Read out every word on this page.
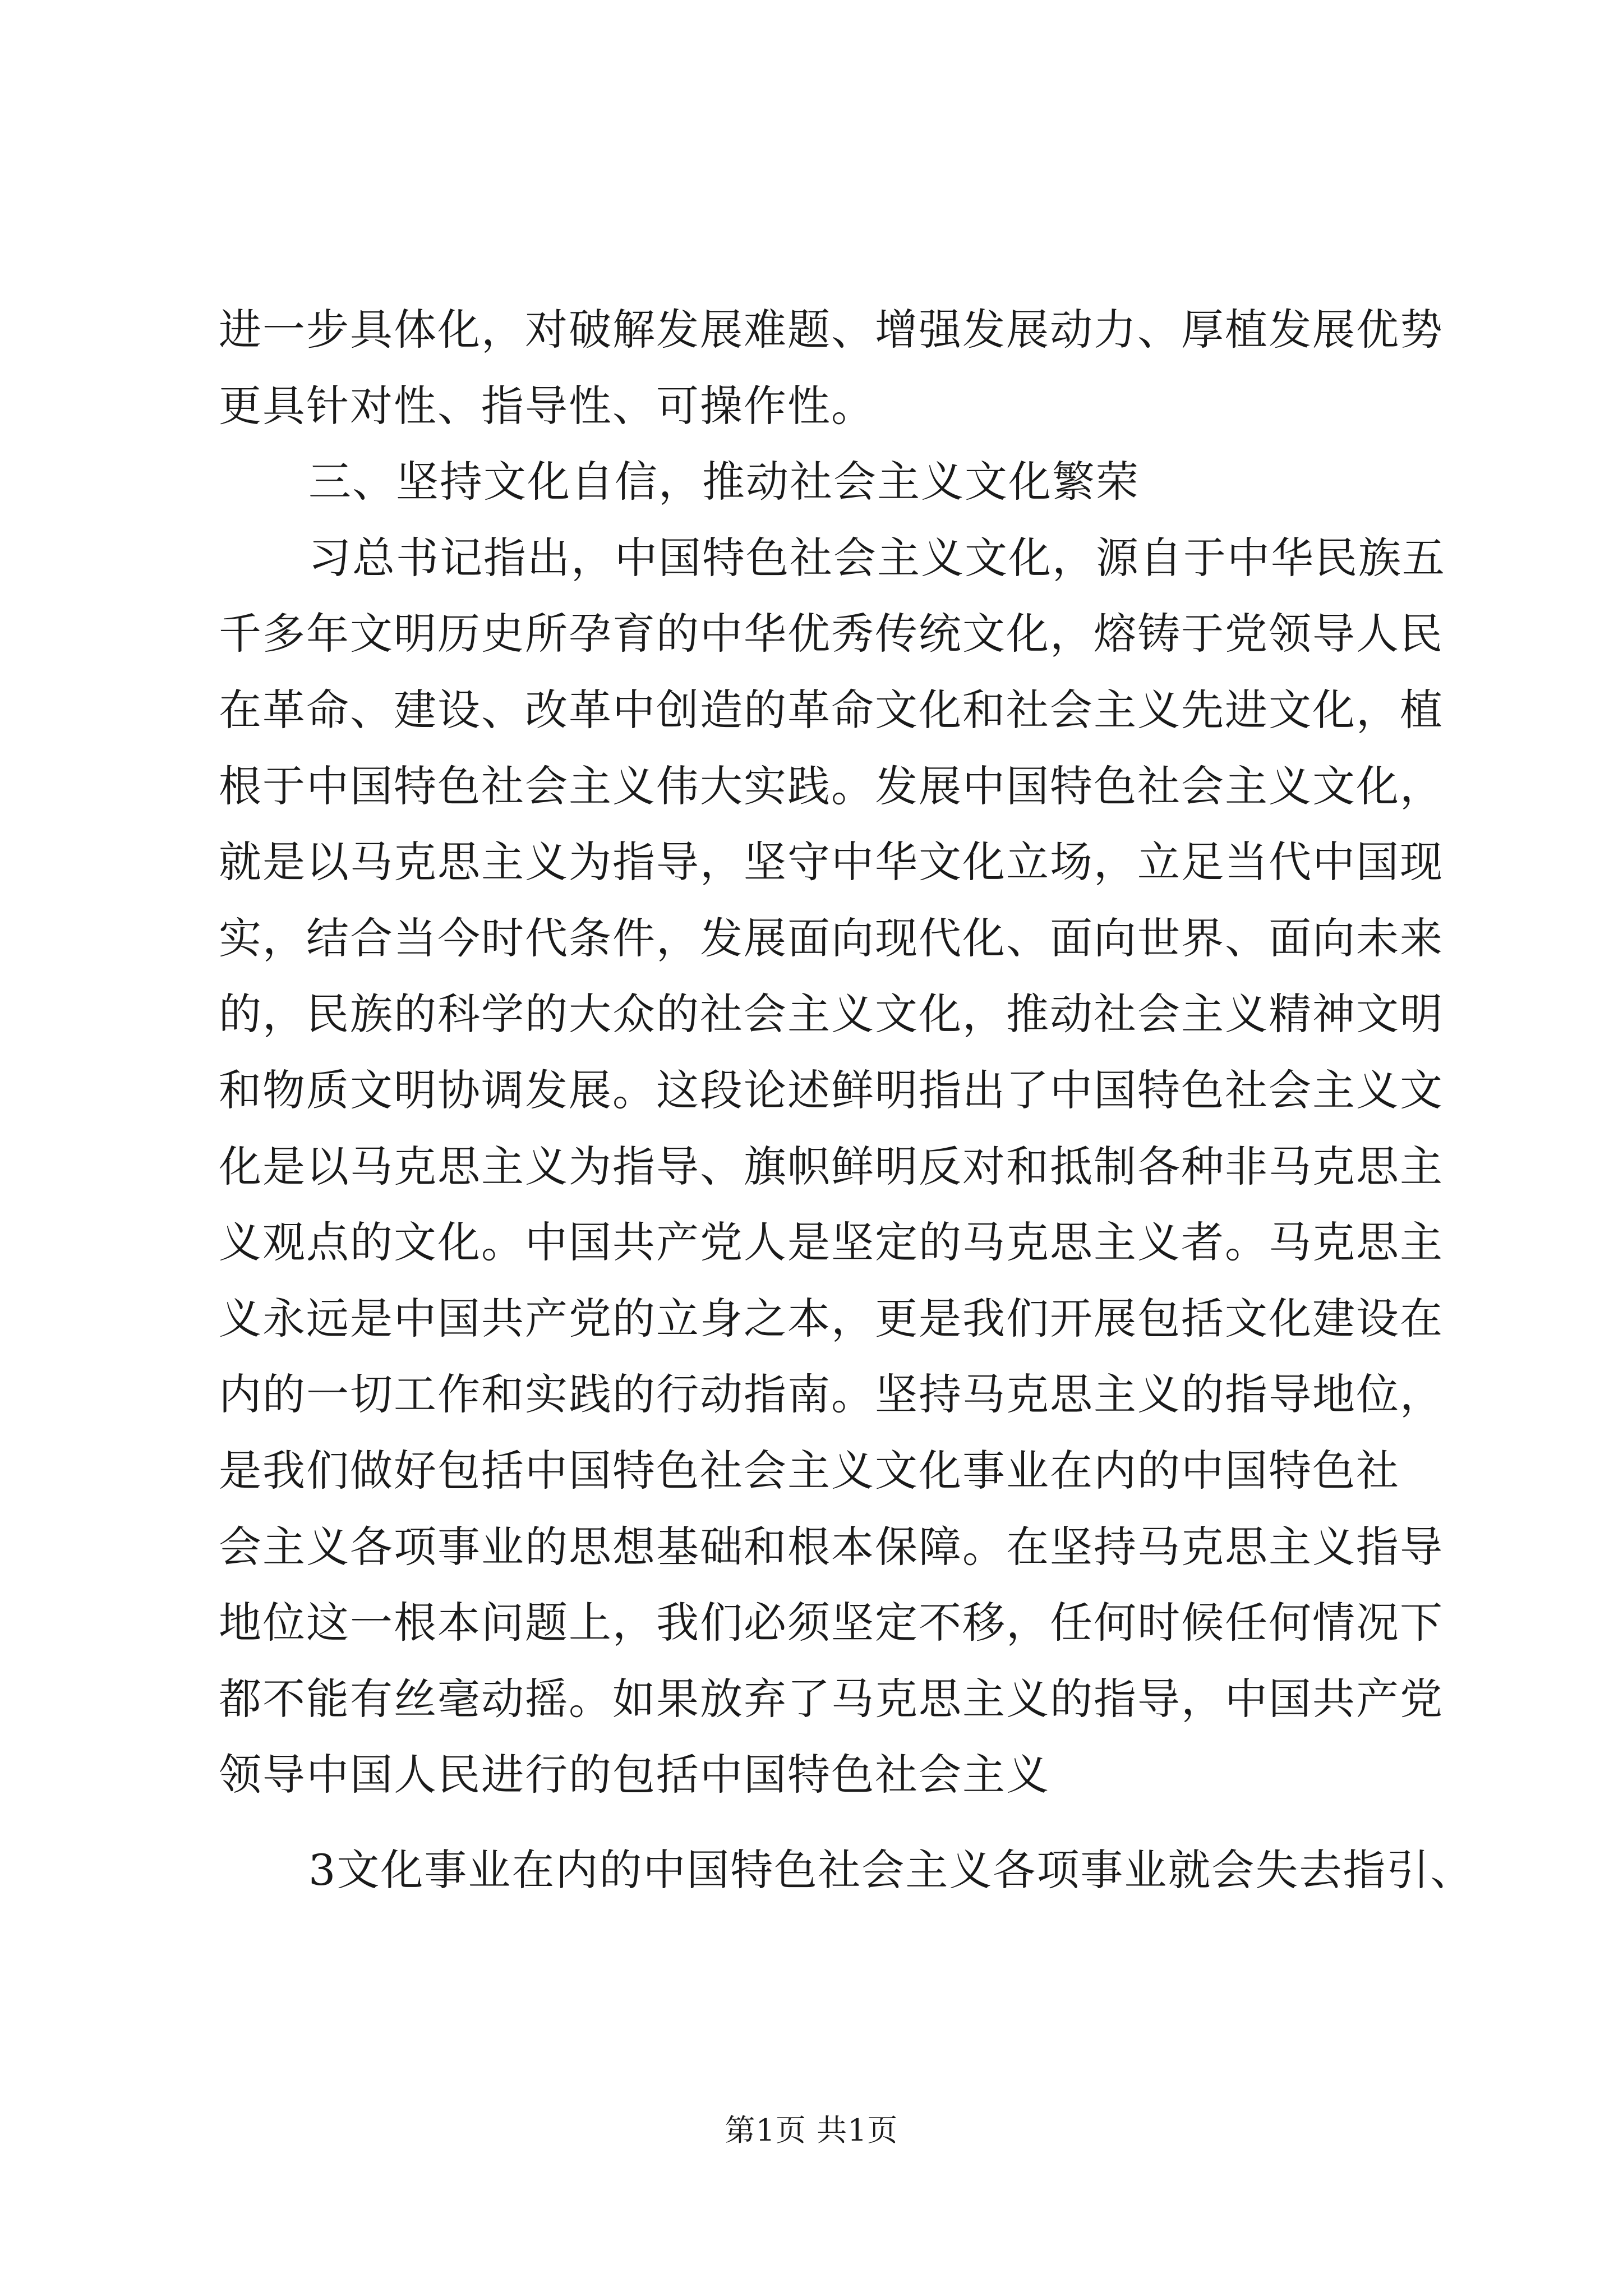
进一步具体化，对破解发展难题、增强发展动力、厚植发展优势
更具针对性、指导性、可操作性。
三、坚持文化自信，推动社会主义文化繁荣
习总书记指出，中国特色社会主义文化，源自于中华民族五
千多年文明历史所孕育的中华优秀传统文化，熔铸于党领导人民
在革命、建设、改革中创造的革命文化和社会主义先进文化，植
根于中国特色社会主义伟大实践。发展中国特色社会主义文化，
就是以马克思主义为指导，坚守中华文化立场，立足当代中国现
实，结合当今时代条件，发展面向现代化、面向世界、面向未来
的，民族的科学的大众的社会主义文化，推动社会主义精神文明
和物质文明协调发展。这段论述鲜明指出了中国特色社会主义文
化是以马克思主义为指导、旗帜鲜明反对和抵制各种非马克思主
义观点的文化。中国共产党人是坚定的马克思主义者。马克思主
义永远是中国共产党的立身之本，更是我们开展包括文化建设在
内的一切工作和实践的行动指南。坚持马克思主义的指导地位，
是我们做好包括中国特色社会主义文化事业在内的中国特色社
会主义各项事业的思想基础和根本保障。在坚持马克思主义指导
地位这一根本问题上，我们必须坚定不移，任何时候任何情况下
都不能有丝毫动摇。如果放弃了马克思主义的指导，中国共产党
领导中国人民进行的包括中国特色社会主义
3文化事业在内的中国特色社会主义各项事业就会失去指引、
第1页 共1页
